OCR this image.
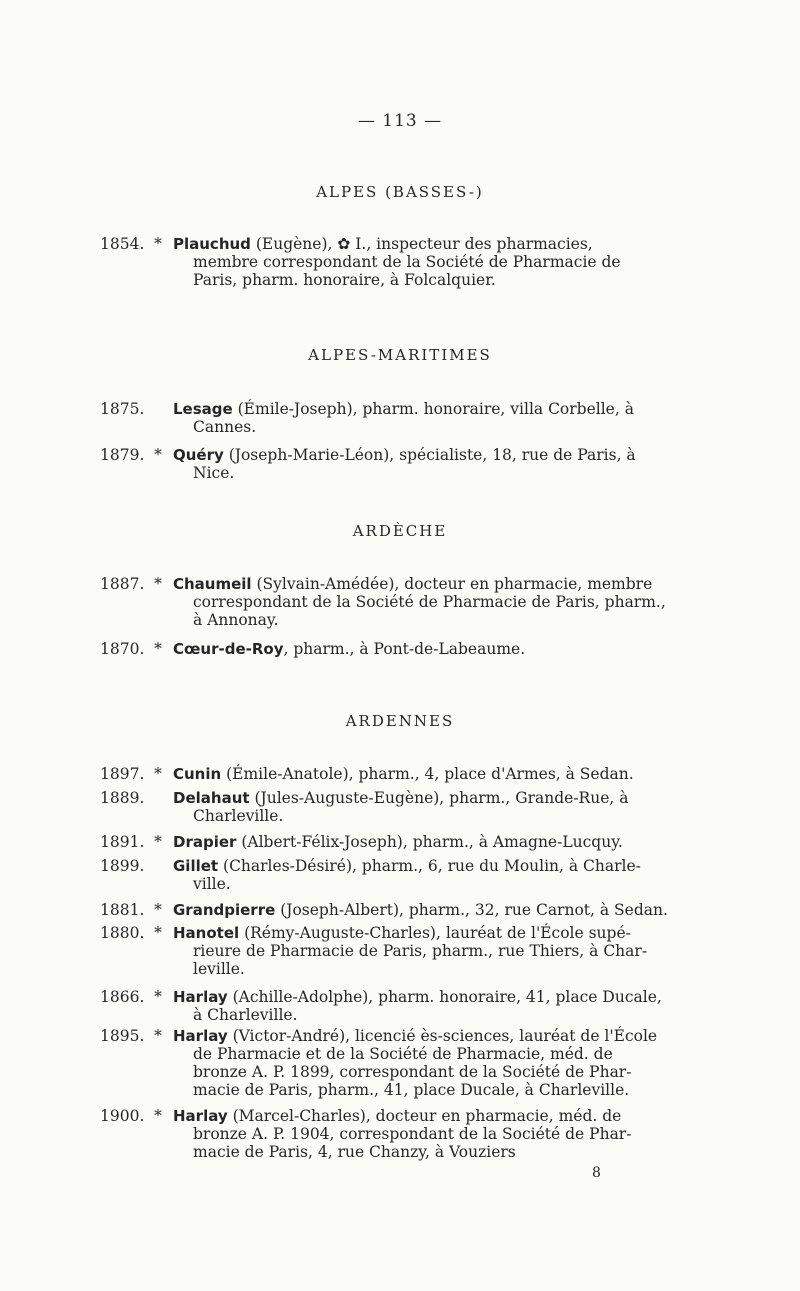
— 113 —
ALPES (BASSES-)
1854. * Plauchud (Eugène), ✿ I., inspecteur des pharmacies,
membre correspondant de la Société de Pharmacie de
Paris, pharm. honoraire, à Folcalquier.
ALPES-MARITIMES
1875.	Lesage (Émile-Joseph), pharm. honoraire, villa Corbelle, à
Cannes.
1879. * Quéry (Joseph-Marie-Léon), spécialiste, 18, rue de Paris, à
Nice.
ARDÈCHE
1887. * Chaumeil (Sylvain-Amédée), docteur en pharmacie, membre
correspondant de la Société de Pharmacie de Paris, pharm.,
à Annonay.
1870. * Cœur-de-Roy, pharm., à Pont-de-Labeaume.
ARDENNES
1897. * Cunin (Émile-Anatole), pharm., 4, place d'Armes, à Sedan.
1889.	Delahaut (Jules-Auguste-Eugène), pharm., Grande-Rue, à
Charleville.
1891. * Drapier (Albert-Félix-Joseph), pharm., à Amagne-Lucquy.
1899.	Gillet (Charles-Désiré), pharm., 6, rue du Moulin, à Charle-
ville.
1881. * Grandpierre (Joseph-Albert), pharm., 32, rue Carnot, à Sedan.
1880. * Hanotel (Rémy-Auguste-Charles), lauréat de l'École supé-
rieure de Pharmacie de Paris, pharm., rue Thiers, à Char-
leville.
1866. * Harlay (Achille-Adolphe), pharm. honoraire, 41, place Ducale,
à Charleville.
1895. * Harlay (Victor-André), licencié ès-sciences, lauréat de l'École
de Pharmacie et de la Société de Pharmacie, méd. de
bronze A. P. 1899, correspondant de la Société de Phar-
macie de Paris, pharm., 41, place Ducale, à Charleville.
1900. * Harlay (Marcel-Charles), docteur en pharmacie, méd. de
bronze A. P. 1904, correspondant de la Société de Phar-
macie de Paris, 4, rue Chanzy, à Vouziers
8
